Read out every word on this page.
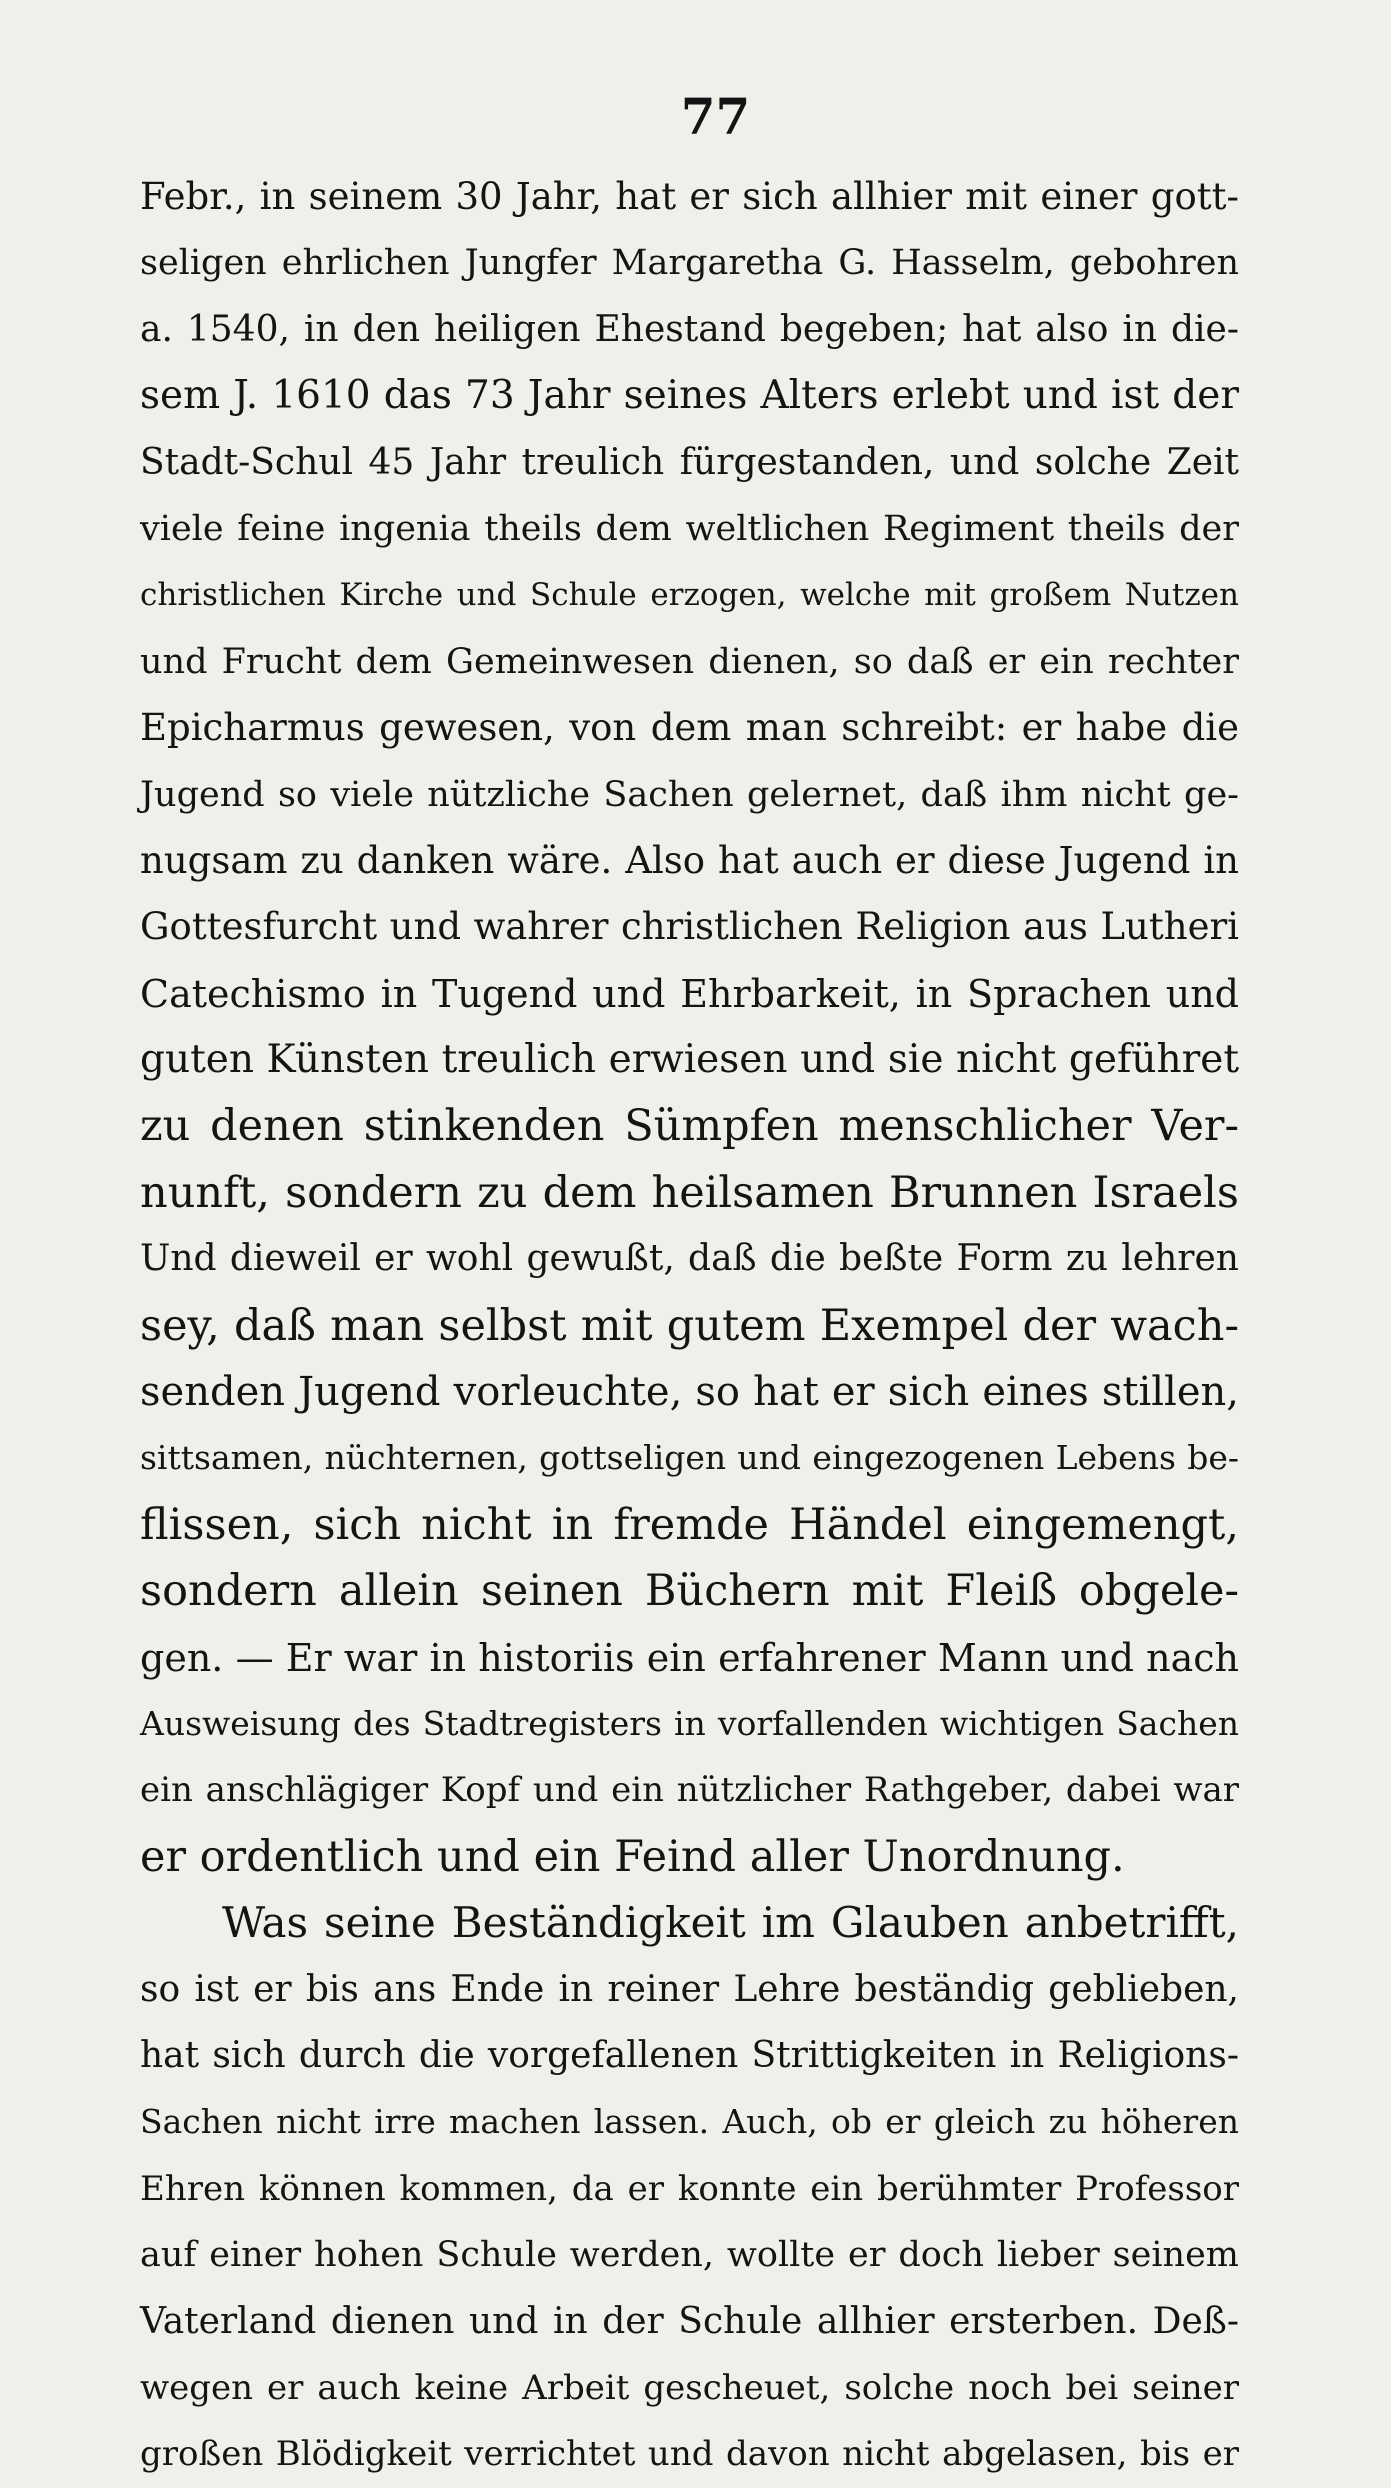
77
Febr., in seinem 30 Jahr, hat er sich allhier mit einer gott-
seligen ehrlichen Jungfer Margaretha G. Hasselm, gebohren
a. 1540, in den heiligen Ehestand begeben; hat also in die-
sem J. 1610 das 73 Jahr seines Alters erlebt und ist der
Stadt-Schul 45 Jahr treulich fürgestanden, und solche Zeit
viele feine ingenia theils dem weltlichen Regiment theils der
christlichen Kirche und Schule erzogen, welche mit großem Nutzen
und Frucht dem Gemeinwesen dienen, so daß er ein rechter
Epicharmus gewesen, von dem man schreibt: er habe die
Jugend so viele nützliche Sachen gelernet, daß ihm nicht ge-
nugsam zu danken wäre. Also hat auch er diese Jugend in
Gottesfurcht und wahrer christlichen Religion aus Lutheri
Catechismo in Tugend und Ehrbarkeit, in Sprachen und
guten Künsten treulich erwiesen und sie nicht geführet
zu denen stinkenden Sümpfen menschlicher Ver-
nunft, sondern zu dem heilsamen Brunnen Israels
Und dieweil er wohl gewußt, daß die beßte Form zu lehren
sey, daß man selbst mit gutem Exempel der wach-
senden Jugend vorleuchte, so hat er sich eines stillen,
sittsamen, nüchternen, gottseligen und eingezogenen Lebens be-
flissen, sich nicht in fremde Händel eingemengt,
sondern allein seinen Büchern mit Fleiß obgele-
gen. — Er war in historiis ein erfahrener Mann und nach
Ausweisung des Stadtregisters in vorfallenden wichtigen Sachen
ein anschlägiger Kopf und ein nützlicher Rathgeber, dabei war
er ordentlich und ein Feind aller Unordnung.
Was seine Beständigkeit im Glauben anbetrifft,
so ist er bis ans Ende in reiner Lehre beständig geblieben,
hat sich durch die vorgefallenen Strittigkeiten in Religions-
Sachen nicht irre machen lassen. Auch, ob er gleich zu höheren
Ehren können kommen, da er konnte ein berühmter Professor
auf einer hohen Schule werden, wollte er doch lieber seinem
Vaterland dienen und in der Schule allhier ersterben. Deß-
wegen er auch keine Arbeit gescheuet, solche noch bei seiner
großen Blödigkeit verrichtet und davon nicht abgelasen, bis er
